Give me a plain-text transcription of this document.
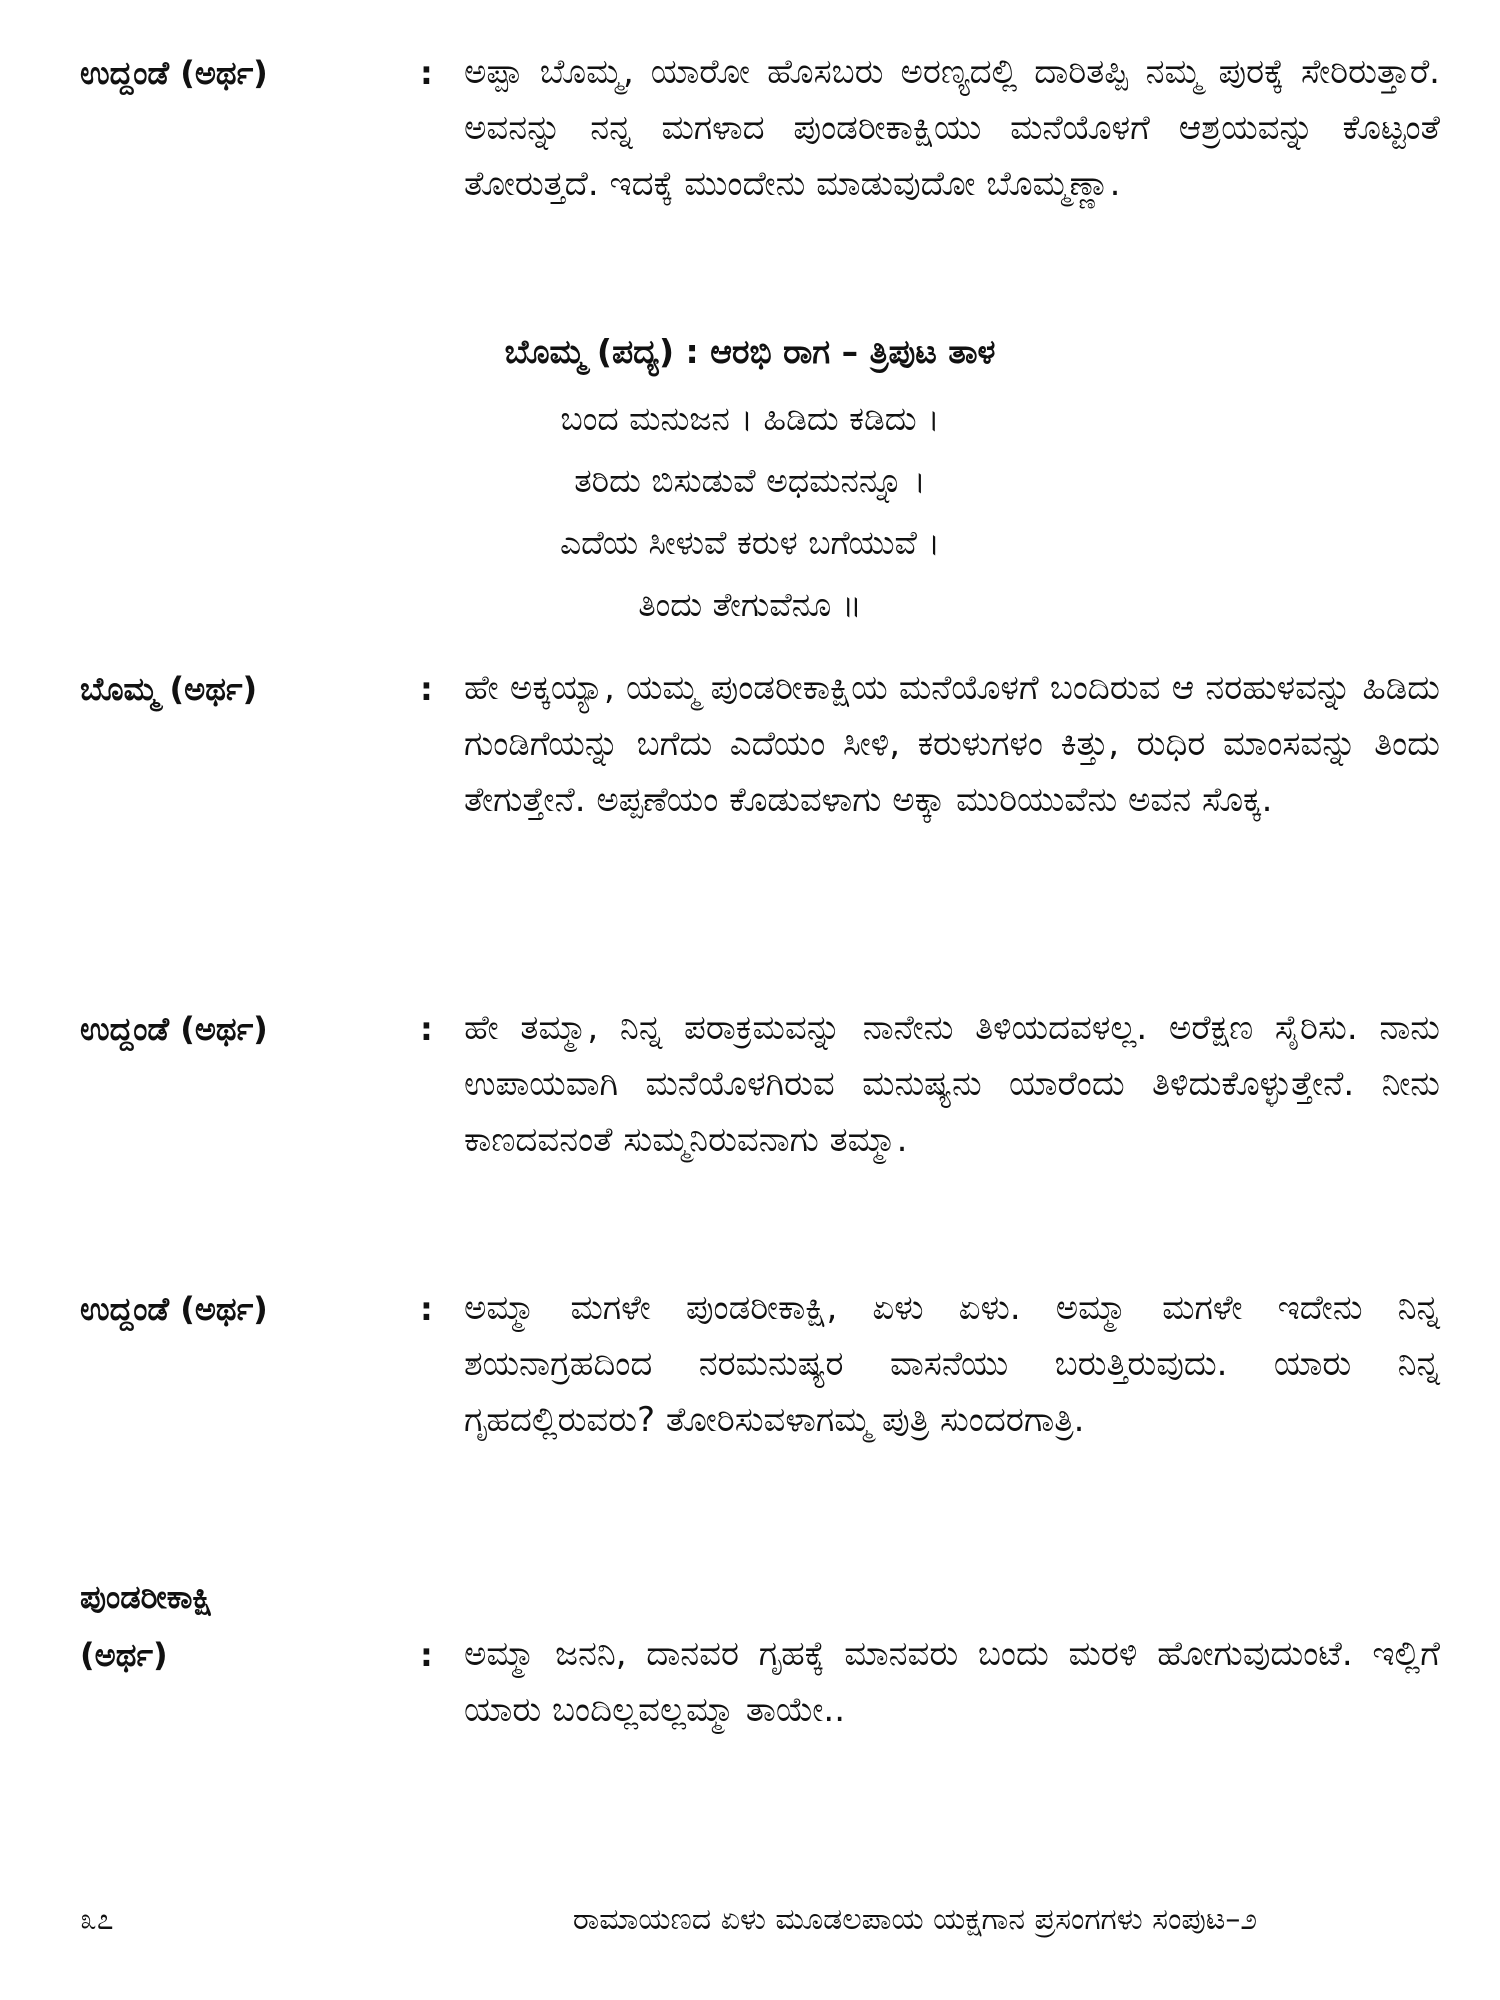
ಉದ್ದಂಡೆ (ಅರ್ಥ)	: ಅಪ್ಪಾ ಬೊಮ್ಮ, ಯಾರೋ ಹೊಸಬರು ಅರಣ್ಯದಲ್ಲಿ ದಾರಿತಪ್ಪಿ ನಮ್ಮ ಪುರಕ್ಕೆ ಸೇರಿರುತ್ತಾರೆ. ಅವನನ್ನು ನನ್ನ ಮಗಳಾದ ಪುಂಡರೀಕಾಕ್ಷಿಯು ಮನೆಯೊಳಗೆ ಆಶ್ರಯವನ್ನು ಕೊಟ್ಟಂತೆ ತೋರುತ್ತದೆ. ಇದಕ್ಕೆ ಮುಂದೇನು ಮಾಡುವುದೋ ಬೊಮ್ಮಣ್ಣಾ.
ಬೊಮ್ಮ (ಪದ್ಯ) : ಆರಭಿ ರಾಗ – ತ್ರಿಪುಟ ತಾಳ
ಬಂದ ಮನುಜನ । ಹಿಡಿದು ಕಡಿದು ।
ತರಿದು ಬಿಸುಡುವೆ ಅಧಮನನ್ನೂ ।
ಎದೆಯ ಸೀಳುವೆ ಕರುಳ ಬಗೆಯುವೆ ।
ತಿಂದು ತೇಗುವೆನೂ ॥
ಬೊಮ್ಮ (ಅರ್ಥ)	: ಹೇ ಅಕ್ಕಯ್ಯಾ, ಯಮ್ಮ ಪುಂಡರೀಕಾಕ್ಷಿಯ ಮನೆಯೊಳಗೆ ಬಂದಿರುವ ಆ ನರಹುಳವನ್ನು ಹಿಡಿದು ಗುಂಡಿಗೆಯನ್ನು ಬಗೆದು ಎದೆಯಂ ಸೀಳಿ, ಕರುಳುಗಳಂ ಕಿತ್ತು, ರುಧಿರ ಮಾಂಸವನ್ನು ತಿಂದು ತೇಗುತ್ತೇನೆ. ಅಪ್ಪಣೆಯಂ ಕೊಡುವಳಾಗು ಅಕ್ಕಾ ಮುರಿಯುವೆನು ಅವನ ಸೊಕ್ಕ.
ಉದ್ದಂಡೆ (ಅರ್ಥ)	: ಹೇ ತಮ್ಮಾ, ನಿನ್ನ ಪರಾಕ್ರಮವನ್ನು ನಾನೇನು ತಿಳಿಯದವಳಲ್ಲ. ಅರೆಕ್ಷಣ ಸೈರಿಸು. ನಾನು ಉಪಾಯವಾಗಿ ಮನೆಯೊಳಗಿರುವ ಮನುಷ್ಯನು ಯಾರೆಂದು ತಿಳಿದುಕೊಳ್ಳುತ್ತೇನೆ. ನೀನು ಕಾಣದವನಂತೆ ಸುಮ್ಮನಿರುವನಾಗು ತಮ್ಮಾ.
ಉದ್ದಂಡೆ (ಅರ್ಥ)	: ಅಮ್ಮಾ ಮಗಳೇ ಪುಂಡರೀಕಾಕ್ಷಿ, ಏಳು ಏಳು. ಅಮ್ಮಾ ಮಗಳೇ ಇದೇನು ನಿನ್ನ ಶಯನಾಗ್ರಹದಿಂದ ನರಮನುಷ್ಯರ ವಾಸನೆಯು ಬರುತ್ತಿರುವುದು. ಯಾರು ನಿನ್ನ ಗೃಹದಲ್ಲಿರುವರು? ತೋರಿಸುವಳಾಗಮ್ಮ ಪುತ್ರಿ ಸುಂದರಗಾತ್ರಿ.
ಪುಂಡರೀಕಾಕ್ಷಿ
(ಅರ್ಥ)	: ಅಮ್ಮಾ ಜನನಿ, ದಾನವರ ಗೃಹಕ್ಕೆ ಮಾನವರು ಬಂದು ಮರಳಿ ಹೋಗುವುದುಂಟೆ. ಇಲ್ಲಿಗೆ ಯಾರು ಬಂದಿಲ್ಲವಲ್ಲಮ್ಮಾ ತಾಯೇ..
೩೭	ರಾಮಾಯಣದ ಏಳು ಮೂಡಲಪಾಯ ಯಕ್ಷಗಾನ ಪ್ರಸಂಗಗಳು ಸಂಪುಟ–೨
